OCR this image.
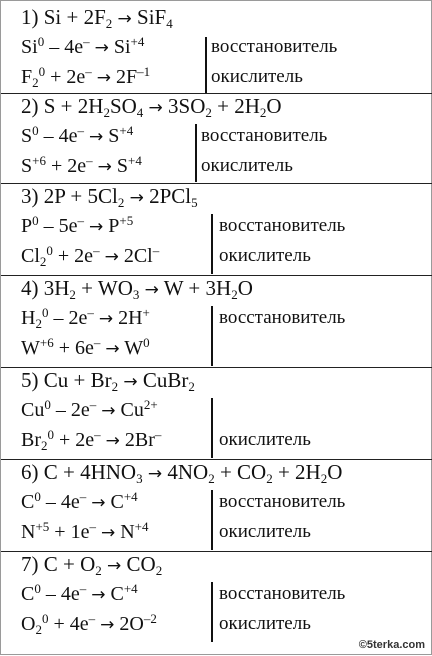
1) $Si + 2F_2 \to SiF_4$
$Si^0 - 4e^- \to Si^{+4}$
$F_2^0 + 2e^- \to 2F^{-1}$
восстановитель
окислитель
2) $S + 2H_2SO_4 \to 3SO_2 + 2H_2O$
$S^0 - 4e^- \to S^{+4}$
$S^{+6} + 2e^- \to S^{+4}$
восстановитель
окислитель
3) $2P + 5Cl_2 \to 2PCl_5$
$P^0 - 5e^- \to P^{+5}$
$Cl_2^0 + 2e^- \to 2Cl^-$
восстановитель
окислитель
4) $3H_2 + WO_3 \to W + 3H_2O$
$H_2^0 - 2e^- \to 2H^+$
$W^{+6} + 6e^- \to W^0$
восстановитель
5) $Cu + Br_2$ → CuBr$_2$
$Cu^0 - 2e^- \to Cu^{2+}$
$Br_2^0 + 2e^- \to 2Br^-$	окислитель
6) $C + 4HNO_3 \to 4NO_2 + CO_2 + 2H_2O$
$C^0 - 4e^- \to C^{+4}$
$N^{+5} + 1e^- \to N^{+4}$
восстановитель
окислитель
7) $C + O_2 \to CO_2$
$C^0 - 4e^- \to C^{+4}$
$O_2^0 + 4e^- \to 2O^{-2}$
восстановитель
окислитель
©5terka.com
